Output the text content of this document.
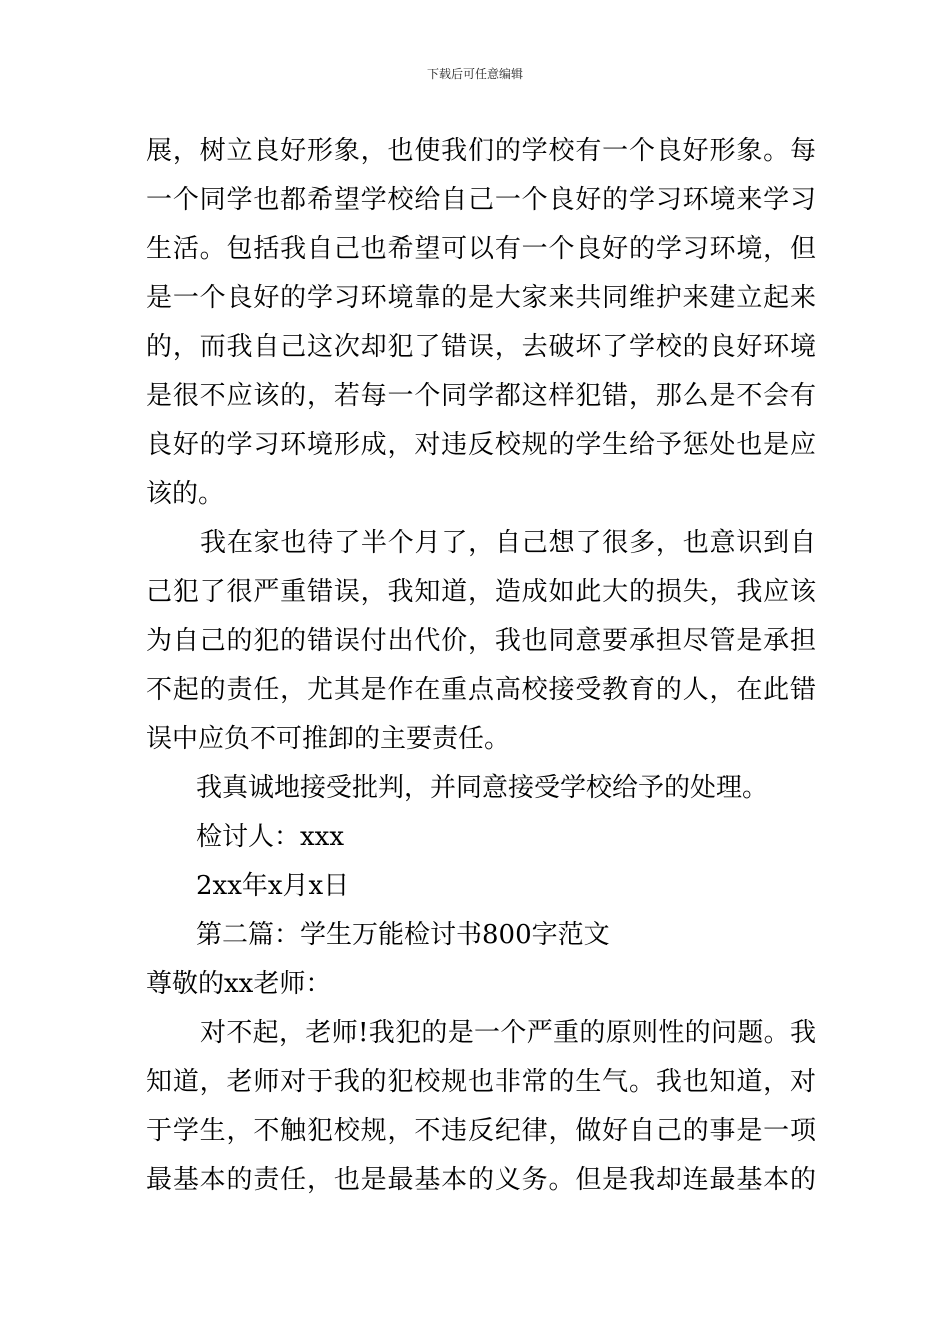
下载后可任意编辑
展，树立良好形象，也使我们的学校有一个良好形象。每
一个同学也都希望学校给自己一个良好的学习环境来学习
生活。包括我自己也希望可以有一个良好的学习环境，但
是一个良好的学习环境靠的是大家来共同维护来建立起来
的，而我自己这次却犯了错误，去破坏了学校的良好环境
是很不应该的，若每一个同学都这样犯错，那么是不会有
良好的学习环境形成，对违反校规的学生给予惩处也是应
该的。
我在家也待了半个月了，自己想了很多，也意识到自
己犯了很严重错误，我知道，造成如此大的损失，我应该
为自己的犯的错误付出代价，我也同意要承担尽管是承担
不起的责任，尤其是作在重点高校接受教育的人，在此错
误中应负不可推卸的主要责任。
我真诚地接受批判，并同意接受学校给予的处理。
检讨人：xxx
2xx年x月x日
第二篇：学生万能检讨书800字范文
尊敬的xx老师：
对不起，老师!我犯的是一个严重的原则性的问题。我
知道，老师对于我的犯校规也非常的生气。我也知道，对
于学生，不触犯校规，不违反纪律，做好自己的事是一项
最基本的责任，也是最基本的义务。但是我却连最基本的
